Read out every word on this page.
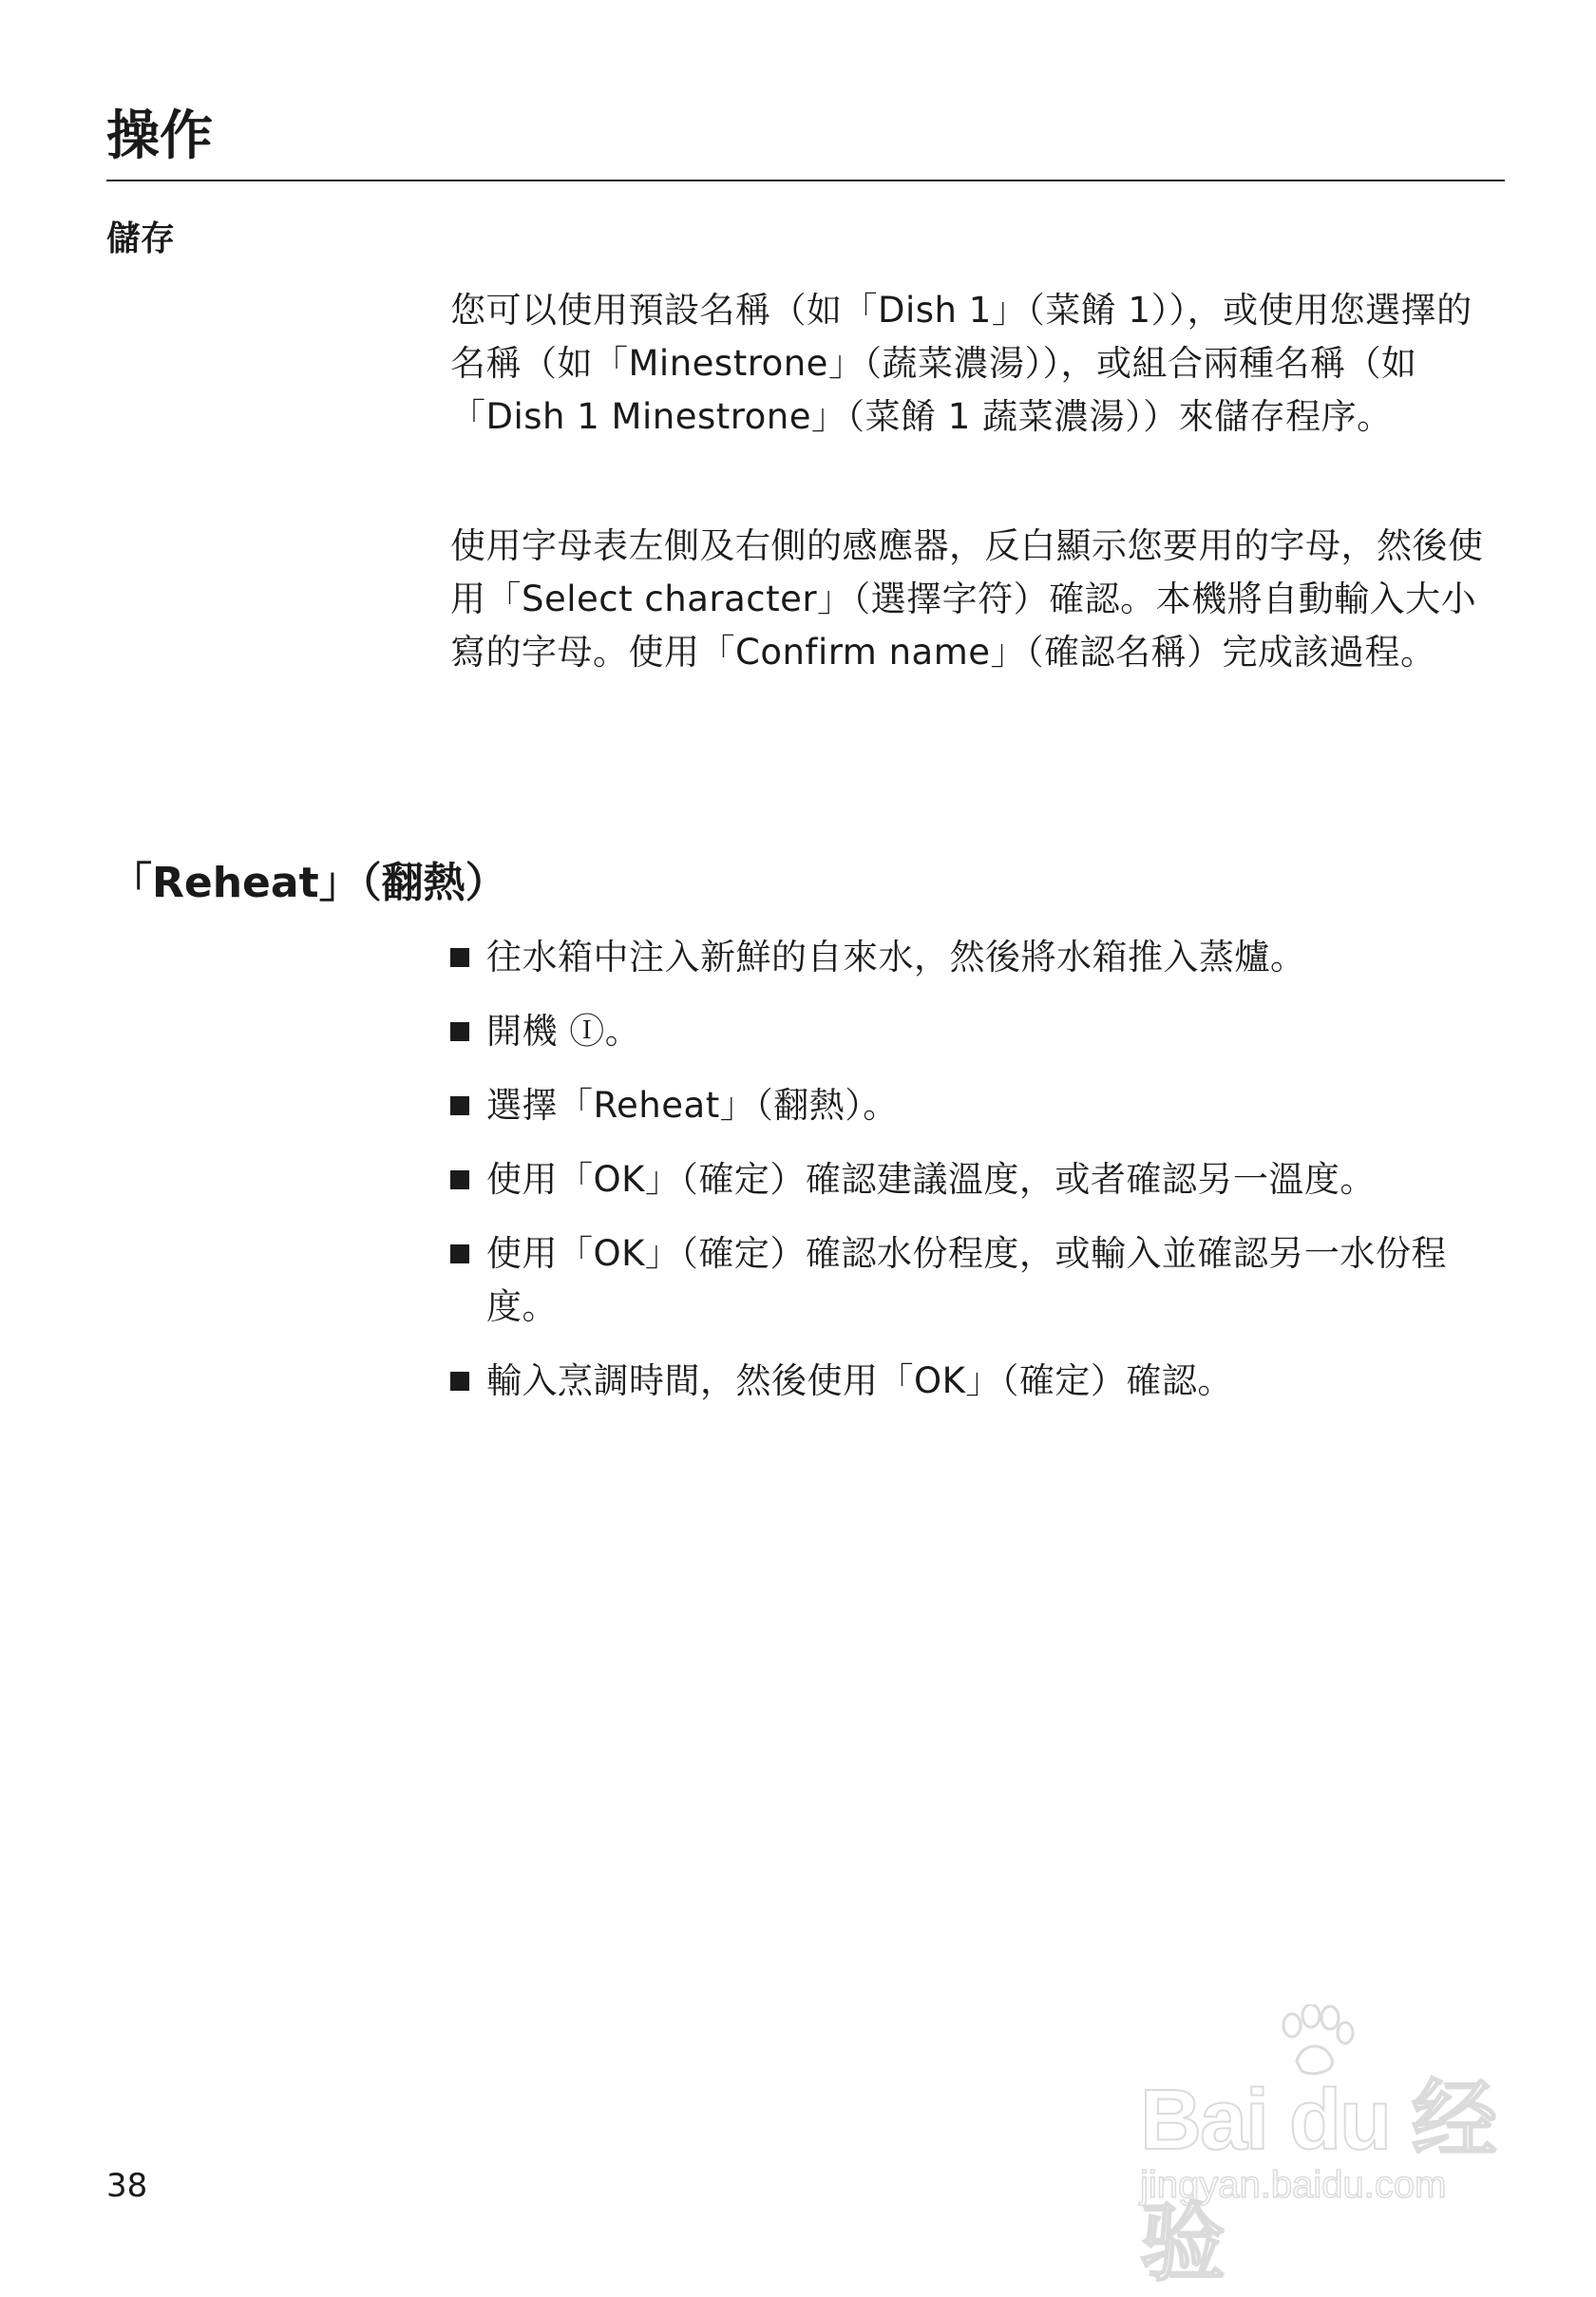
操作
儲存

您可以使用預設名稱（如「Dish 1」（菜餚 1）），或使用您選擇的名稱（如「Minestrone」（蔬菜濃湯）），或組合兩種名稱（如「Dish 1 Minestrone」（菜餚 1 蔬菜濃湯））來儲存程序。

使用字母表左側及右側的感應器，反白顯示您要用的字母，然後使用「Select character」（選擇字符）確認。本機將自動輸入大小寫的字母。使用「Confirm name」（確認名稱）完成該過程。

「Reheat」（翻熱）
往水箱中注入新鮮的自來水，然後將水箱推入蒸爐。
開機 Ⓘ。
選擇「Reheat」（翻熱）。
使用「OK」（確定）確認建議溫度，或者確認另一溫度。
使用「OK」（確定）確認水份程度，或輸入並確認另一水份程度。
輸入烹調時間，然後使用「OK」（確定）確認。
38
Bai du 经验
jingyan.baidu.com
